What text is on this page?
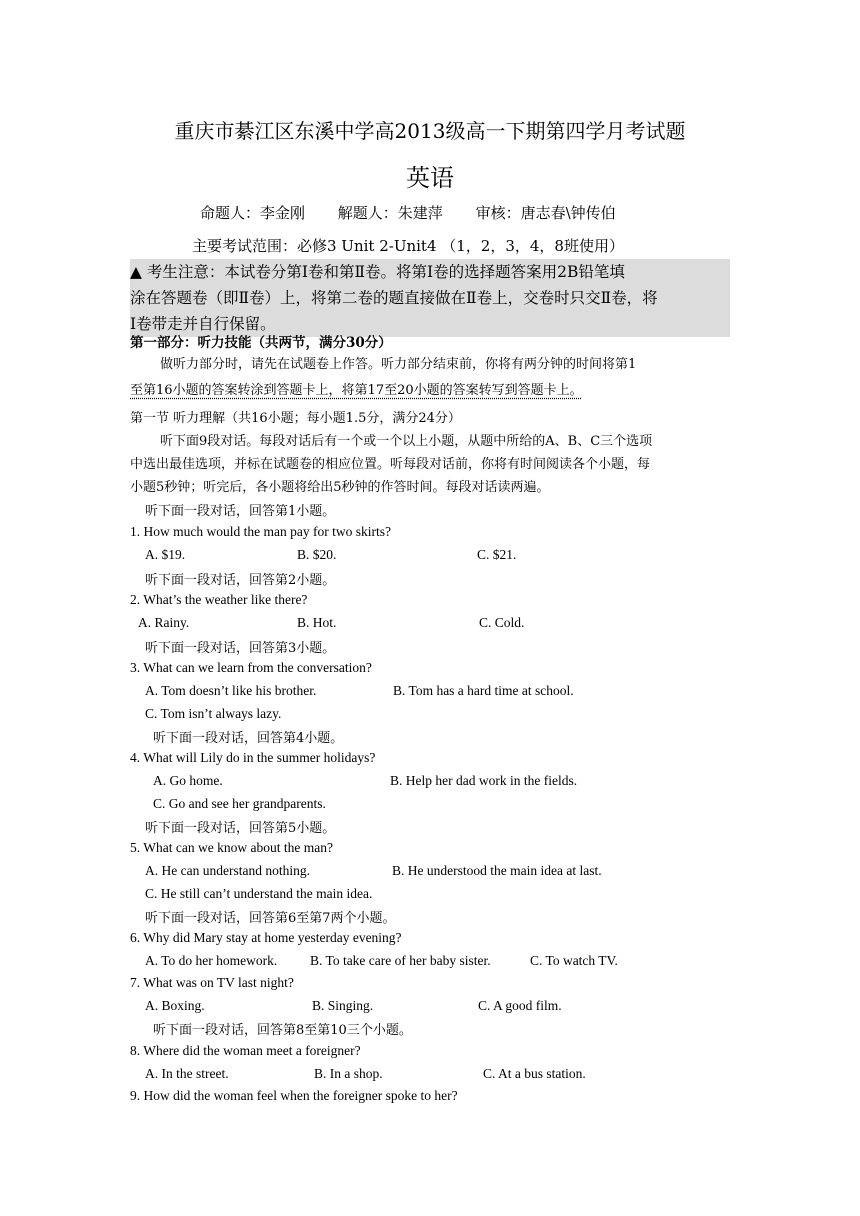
重庆市綦江区东溪中学高2013级高一下期第四学月考试题
英语
命题人：李金刚 解题人：朱建萍 审核：唐志春\钟传伯
主要考试范围：必修3 Unit 2-Unit4 （1，2，3，4，8班使用）
▲ 考生注意：本试卷分第Ⅰ卷和第Ⅱ卷。将第Ⅰ卷的选择题答案用2B铅笔填
涂在答题卷（即Ⅱ卷）上，将第二卷的题直接做在Ⅱ卷上，交卷时只交Ⅱ卷，将
Ⅰ卷带走并自行保留。
第一部分：听力技能（共两节，满分30分）
做听力部分时，请先在试题卷上作答。听力部分结束前，你将有两分钟的时间将第1
至第16小题的答案转涂到答题卡上，将第17至20小题的答案转写到答题卡上。
第一节 听力理解（共16小题；每小题1.5分，满分24分）
听下面9段对话。每段对话后有一个或一个以上小题，从题中所给的A、B、C三个选项
中选出最佳选项，并标在试题卷的相应位置。听每段对话前，你将有时间阅读各个小题，每
小题5秒钟；听完后，各小题将给出5秒钟的作答时间。每段对话读两遍。
听下面一段对话，回答第1小题。
1. How much would the man pay for two skirts?
A. $19.	B. $20.	C. $21.
听下面一段对话，回答第2小题。
2. What’s the weather like there?
A. Rainy.	B. Hot.	C. Cold.
听下面一段对话，回答第3小题。
3. What can we learn from the conversation?
A. Tom doesn’t like his brother.	B. Tom has a hard time at school.
C. Tom isn’t always lazy.
听下面一段对话，回答第4小题。
4. What will Lily do in the summer holidays?
A. Go home.	B. Help her dad work in the fields.
C. Go and see her grandparents.
听下面一段对话，回答第5小题。
5. What can we know about the man?
A. He can understand nothing.	B. He understood the main idea at last.
C. He still can’t understand the main idea.
听下面一段对话，回答第6至第7两个小题。
6. Why did Mary stay at home yesterday evening?
A. To do her homework. B. To take care of her baby sister.	C. To watch TV.
7. What was on TV last night?
A. Boxing.	B. Singing.	C. A good film.
听下面一段对话，回答第8至第10三个小题。
8. Where did the woman meet a foreigner?
A. In the street.	B. In a shop.	C. At a bus station.
9. How did the woman feel when the foreigner spoke to her?
